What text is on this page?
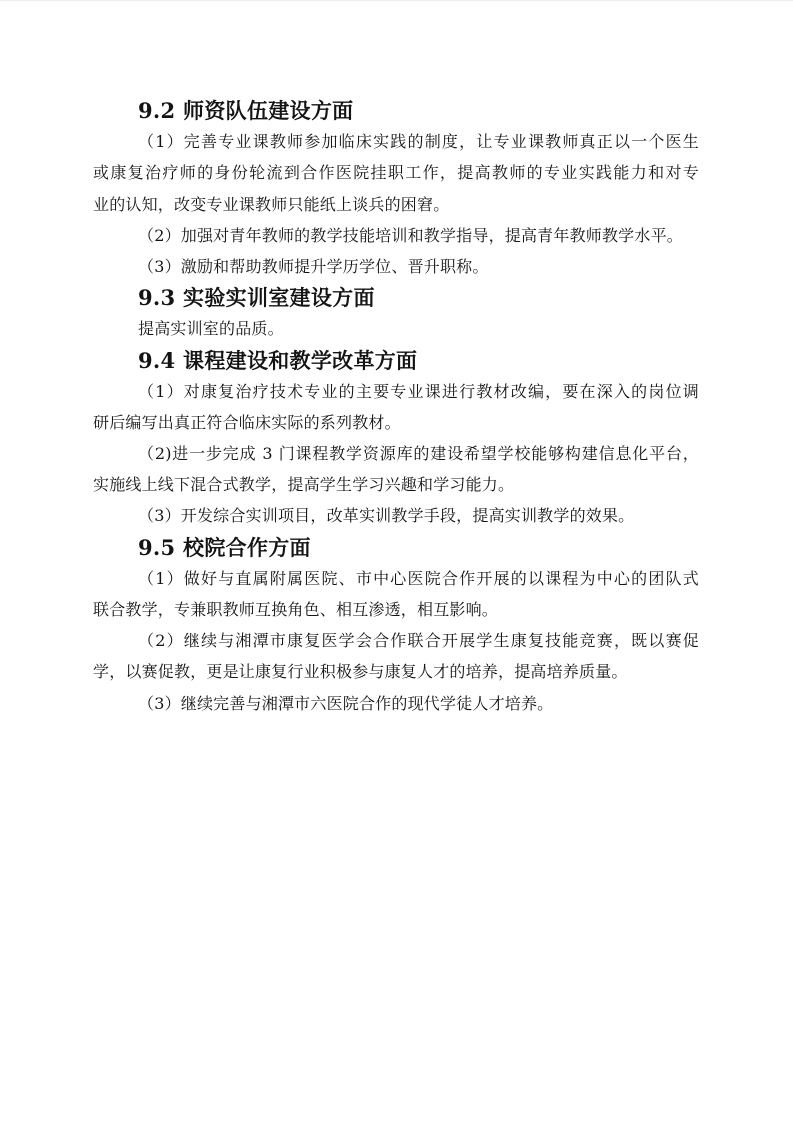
9.2 师资队伍建设方面
（1）完善专业课教师参加临床实践的制度，让专业课教师真正以一个医生
或康复治疗师的身份轮流到合作医院挂职工作，提高教师的专业实践能力和对专
业的认知，改变专业课教师只能纸上谈兵的困窘。
（2）加强对青年教师的教学技能培训和教学指导，提高青年教师教学水平。
（3）激励和帮助教师提升学历学位、晋升职称。
9.3 实验实训室建设方面
提高实训室的品质。
9.4 课程建设和教学改革方面
（1）对康复治疗技术专业的主要专业课进行教材改编，要在深入的岗位调
研后编写出真正符合临床实际的系列教材。
（2)进一步完成 3 门课程教学资源库的建设希望学校能够构建信息化平台，
实施线上线下混合式教学，提高学生学习兴趣和学习能力。
（3）开发综合实训项目，改革实训教学手段，提高实训教学的效果。
9.5 校院合作方面
（1）做好与直属附属医院、市中心医院合作开展的以课程为中心的团队式
联合教学，专兼职教师互换角色、相互渗透，相互影响。
（2）继续与湘潭市康复医学会合作联合开展学生康复技能竞赛，既以赛促
学，以赛促教，更是让康复行业积极参与康复人才的培养，提高培养质量。
（3）继续完善与湘潭市六医院合作的现代学徒人才培养。
